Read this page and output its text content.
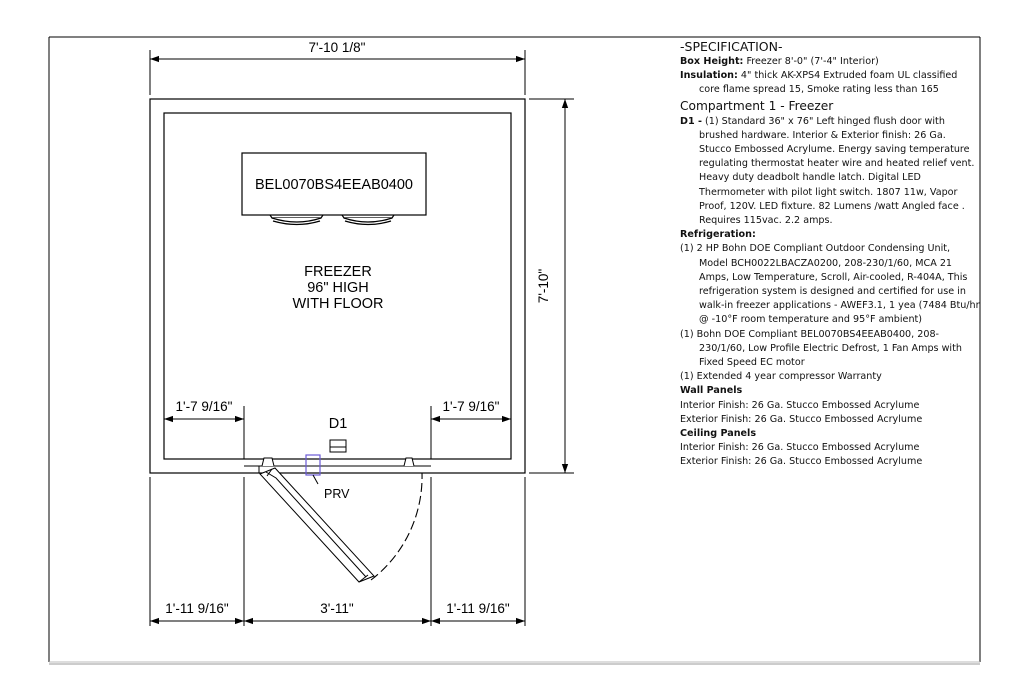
7'-10 1/8"
7'-10"
BEL0070BS4EEAB0400
FREEZER
96" HIGH
WITH FLOOR
1'-7 9/16"	1'-7 9/16"
D1
PRV
1'-11 9/16"	3'-11"	1'-11 9/16"
-SPECIFICATION-

Box Height: Freezer 8'-0" (7'-4" Interior)

Insulation: 4" thick AK-XPS4 Extruded foam UL classified core flame spread 15, Smoke rating less than 165

Compartment 1 - Freezer

D1 - (1) Standard 36" x 76" Left hinged flush door with brushed hardware. Interior & Exterior finish: 26 Ga. Stucco Embossed Acrylume. Energy saving temperature regulating thermostat heater wire and heated relief vent. Heavy duty deadbolt handle latch. Digital LED Thermometer with pilot light switch. 1807 11w, Vapor Proof, 120V. LED fixture. 82 Lumens /watt Angled face . Requires 115vac. 2.2 amps.

Refrigeration:

(1) 2 HP Bohn DOE Compliant Outdoor Condensing Unit, Model BCH0022LBACZA0200, 208-230/1/60, MCA 21 Amps, Low Temperature, Scroll, Air-cooled, R-404A, This refrigeration system is designed and certified for use in walk-in freezer applications - AWEF3.1, 1 yea (7484 Btu/hr @ -10°F room temperature and 95°F ambient)

(1) Bohn DOE Compliant BEL0070BS4EEAB0400, 208-230/1/60, Low Profile Electric Defrost, 1 Fan Amps with Fixed Speed EC motor

(1) Extended 4 year compressor Warranty

Wall Panels

Interior Finish: 26 Ga. Stucco Embossed Acrylume

Exterior Finish: 26 Ga. Stucco Embossed Acrylume

Ceiling Panels

Interior Finish: 26 Ga. Stucco Embossed Acrylume

Exterior Finish: 26 Ga. Stucco Embossed Acrylume
